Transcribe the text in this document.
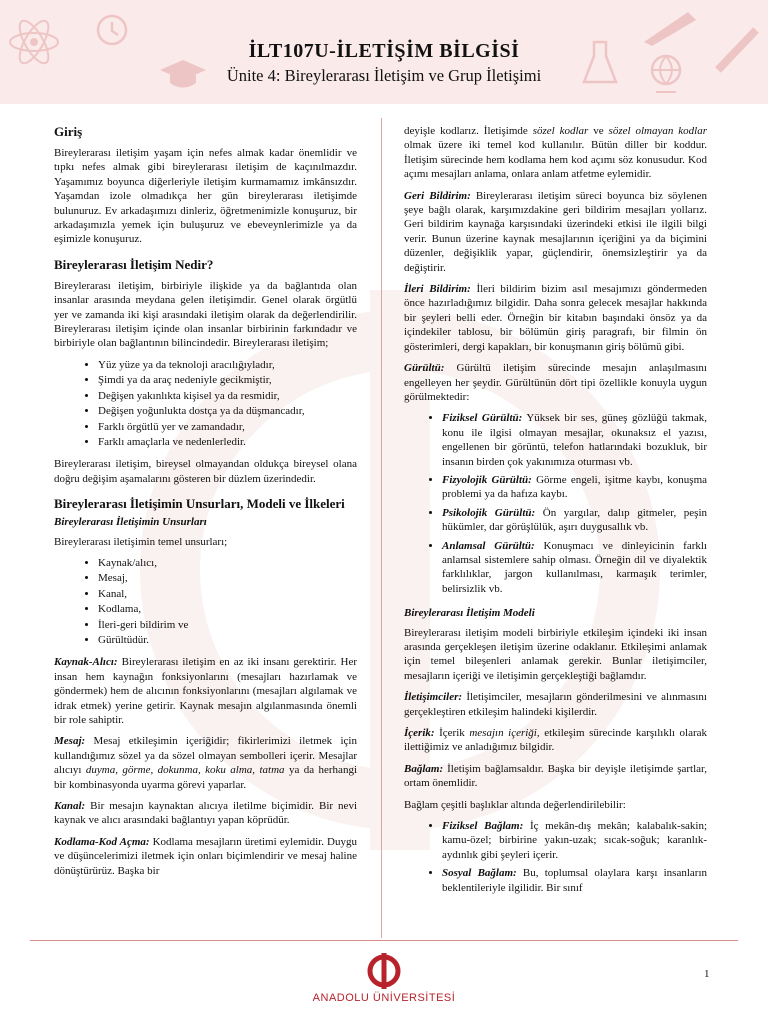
İLT107U-İLETİŞİM BİLGİSİ
Ünite 4: Bireylerarası İletişim ve Grup İletişimi
Giriş

Bireylerarası iletişim yaşam için nefes almak kadar önemlidir ve tıpkı nefes almak gibi bireylerarası iletişim de kaçınılmazdır. Yaşamımız boyunca diğerleriyle iletişim kurmamamız imkânsızdır. Yaşamdan izole olmadıkça her gün bireylerarası iletişimde bulunuruz. Ev arkadaşımızı dinleriz, öğretmenimizle konuşuruz, bir arkadaşımızla yemek için buluşuruz ve ebeveynlerimizle ya da eşimizle konuşuruz.

Bireylerarası İletişim Nedir?

Bireylerarası iletişim, birbiriyle ilişkide ya da bağlantıda olan insanlar arasında meydana gelen iletişimdir. Genel olarak örgütlü yer ve zamanda iki kişi arasındaki iletişim olarak da değerlendirilir. Bireylerarası iletişim içinde olan insanlar birbirinin farkındadır ve birbiriyle olan bağlantının bilincindedir. Bireylerarası iletişim;

• Yüz yüze ya da teknoloji aracılığıyladır,
• Şimdi ya da araç nedeniyle gecikmiştir,
• Değişen yakınlıkta kişisel ya da resmidir,
• Değişen yoğunlukta dostça ya da düşmancadır,
• Farklı örgütlü yer ve zamandadır,
• Farklı amaçlarla ve nedenlerledir.

Bireylerarası iletişim, bireysel olmayandan oldukça bireysel olana doğru değişim aşamalarını gösteren bir düzlem üzerindedir.

Bireylerarası İletişimin Unsurları, Modeli ve İlkeleri
Bireylerarası İletişimin Unsurları

Bireylerarası iletişimin temel unsurları;

• Kaynak/alıcı,
• Mesaj,
• Kanal,
• Kodlama,
• İleri-geri bildirim ve
• Gürültüdür.

Kaynak-Alıcı: Bireylerarası iletişim en az iki insanı gerektirir. Her insan hem kaynağın fonksiyonlarını (mesajları hazırlamak ve göndermek) hem de alıcının fonksiyonlarını (mesajları algılamak ve idrak etmek) yerine getirir. Kaynak mesajın algılanmasında önemli bir role sahiptir.

Mesaj: Mesaj etkileşimin içeriğidir; fikirlerimizi iletmek için kullandığımız sözel ya da sözel olmayan sembolleri içerir. Mesajlar alıcıyı duyma, görme, dokunma, koku alma, tatma ya da herhangi bir kombinasyonda uyarma görevi yaparlar.

Kanal: Bir mesajın kaynaktan alıcıya iletilme biçimidir. Bir nevi kaynak ve alıcı arasındaki bağlantıyı yapan köprüdür.

Kodlama-Kod Açma: Kodlama mesajların üretimi eylemidir. Duygu ve düşüncelerimizi iletmek için onları biçimlendirir ve mesaj haline dönüştürürüz. Başka bir

deyişle kodlarız. İletişimde sözel kodlar ve sözel olmayan kodlar olmak üzere iki temel kod kullanılır. Bütün diller bir koddur. İletişim sürecinde hem kodlama hem kod açımı söz konusudur. Kod açımı mesajları anlama, onlara anlam atfetme eylemidir.

Geri Bildirim: Bireylerarası iletişim süreci boyunca biz söylenen şeye bağlı olarak, karşımızdakine geri bildirim mesajları yollarız. Geri bildirim kaynağa karşısındaki üzerindeki etkisi ile ilgili bilgi verir. Bunun üzerine kaynak mesajlarının içeriğini ya da biçimini düzenler, değişiklik yapar, güçlendirir, önemsizleştirir ya da değiştirir.

İleri Bildirim: İleri bildirim bizim asıl mesajımızı göndermeden önce hazırladığımız bilgidir. Daha sonra gelecek mesajlar hakkında bir şeyleri belli eder. Örneğin bir kitabın başındaki önsöz ya da içindekiler tablosu, bir bölümün giriş paragrafı, bir filmin ön gösterimleri, dergi kapakları, bir konuşmanın giriş bölümü gibi.

Gürültü: Gürültü iletişim sürecinde mesajın anlaşılmasını engelleyen her şeydir. Gürültünün dört tipi özellikle konuyla uygun görülmektedir:

• Fiziksel Gürültü: Yüksek bir ses, güneş gözlüğü takmak, konu ile ilgisi olmayan mesajlar, okunaksız el yazısı, engellenen bir görüntü, telefon hatlarındaki bozukluk, bir insanın birden çok yakınımıza oturması vb.
• Fizyolojik Gürültü: Görme engeli, işitme kaybı, konuşma problemi ya da hafıza kaybı.
• Psikolojik Gürültü: Ön yargılar, dalıp gitmeler, peşin hükümler, dar görüşlülük, aşırı duygusallık vb.
• Anlamsal Gürültü: Konuşmacı ve dinleyicinin farklı anlamsal sistemlere sahip olması. Örneğin dil ve diyalektik farklılıklar, jargon kullanılması, karmaşık terimler, belirsizlik vb.
Bireylerarası İletişim Modeli

Bireylerarası iletişim modeli birbiriyle etkileşim içindeki iki insan arasında gerçekleşen iletişim üzerine odaklanır. Etkileşimi anlamak için temel bileşenleri anlamak gerekir. Bunlar iletişimciler, mesajların içeriği ve iletişimin gerçekleştiği bağlamdır.

İletişimciler: İletişimciler, mesajların gönderilmesini ve alınmasını gerçekleştiren etkileşim halindeki kişilerdir.

İçerik: İçerik mesajın içeriği, etkileşim sürecinde karşılıklı olarak ilettiğimiz ve anladığımız bilgidir.

Bağlam: İletişim bağlamsaldır. Başka bir deyişle iletişimde şartlar, ortam önemlidir.

Bağlam çeşitli başlıklar altında değerlendirilebilir:

• Fiziksel Bağlam: İç mekân-dış mekân; kalabalık-sakin; kamu-özel; birbirine yakın-uzak; sıcak-soğuk; karanlık-aydınlık gibi şeyleri içerir.
• Sosyal Bağlam: Bu, toplumsal olaylara karşı insanların beklentileriyle ilgilidir. Bir sınıf
ANADOLU ÜNİVERSİTESİ
1
